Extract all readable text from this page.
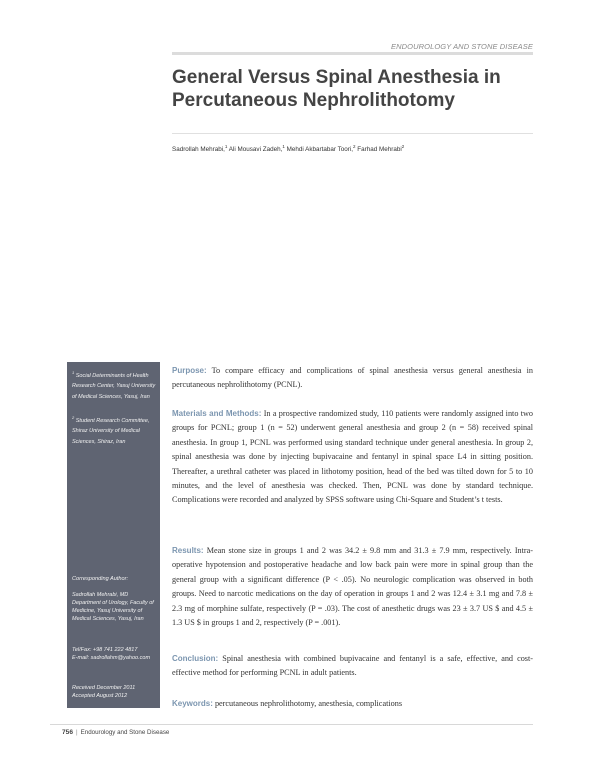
ENDOUROLOGY AND STONE DISEASE
General Versus Spinal Anesthesia in Percutaneous Nephrolithotomy
Sadrollah Mehrabi,$^1$ Ali Mousavi Zadeh,$^1$ Mehdi Akbartabar Toori,$^2$ Farhad Mehrabi$^2$
$^1$ Social Determinants of Health Research Center, Yasuj University of Medical Sciences, Yasuj, Iran
$^2$ Student Research Committee, Shiraz University of Medical Sciences, Shiraz, Iran
Corresponding Author:
Sadrollah Mehrabi, MD
Department of Urology, Faculty of Medicine, Yasuj University of Medical Sciences, Yasuj, Iran
Tel/Fax: +98 741 222 4817
E-mail: sadrollahm@yahoo.com
Received December 2011
Accepted August 2012

Purpose: To compare efficacy and complications of spinal anesthesia versus general anesthesia in percutaneous nephrolithotomy (PCNL).

Materials and Methods: In a prospective randomized study, 110 patients were randomly assigned into two groups for PCNL; group 1 (n = 52) underwent general anesthesia and group 2 (n = 58) received spinal anesthesia. In group 1, PCNL was performed using standard technique under general anesthesia. In group 2, spinal anesthesia was done by injecting bupivacaine and fentanyl in spinal space L4 in sitting position. Thereafter, a urethral catheter was placed in lithotomy position, head of the bed was tilted down for 5 to 10 minutes, and the level of anesthesia was checked. Then, PCNL was done by standard technique. Complications were recorded and analyzed by SPSS software using Chi-Square and Student’s t tests.

Results: Mean stone size in groups 1 and 2 was 34.2 ± 9.8 mm and 31.3 ± 7.9 mm, respectively. Intra-operative hypotension and postoperative headache and low back pain were more in spinal group than the general group with a significant difference (P < .05). No neurologic complication was observed in both groups. Need to narcotic medications on the day of operation in groups 1 and 2 was 12.4 ± 3.1 mg and 7.8 ± 2.3 mg of morphine sulfate, respectively (P = .03). The cost of anesthetic drugs was 23 ± 3.7 US $ and 4.5 ± 1.3 US $ in groups 1 and 2, respectively (P = .001).

Conclusion: Spinal anesthesia with combined bupivacaine and fentanyl is a safe, effective, and cost-effective method for performing PCNL in adult patients.

Keywords: percutaneous nephrolithotomy, anesthesia, complications

756 | Endourology and Stone Disease
